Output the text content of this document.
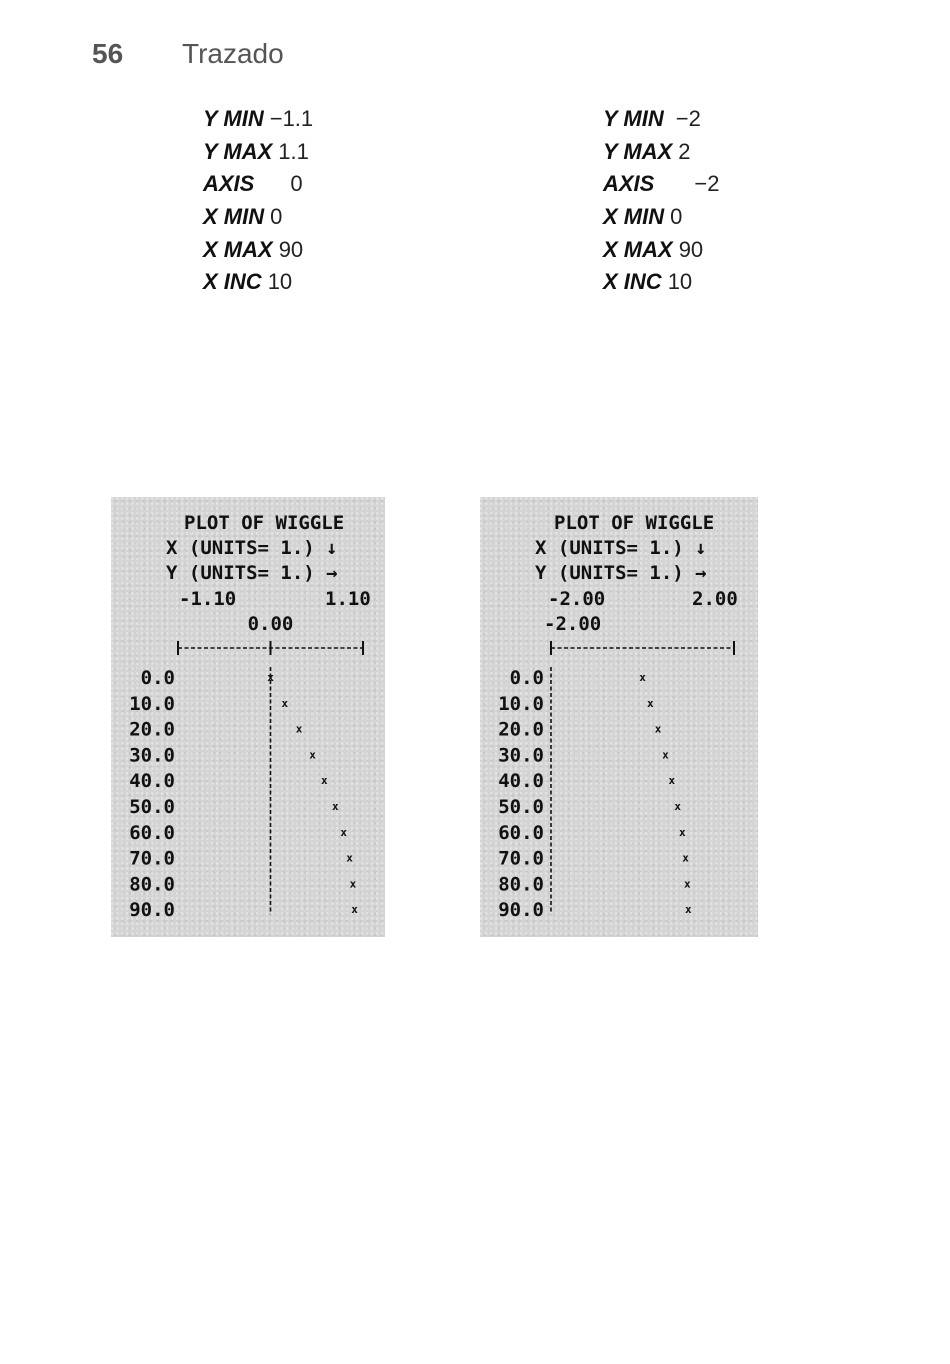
56 Trazado
Y MIN −1.1
Y MAX 1.1
AXIS 0
X MIN 0
X MAX 90
X INC 10
Y MIN −2
Y MAX 2
AXIS −2
X MIN 0
X MAX 90
X INC 10
PLOT OF WIGGLE
X (UNITS= 1.) ↓
Y (UNITS= 1.) →
-1.10	1.10
0.00
0.0	x
10.0	x
20.0	x
30.0	x
40.0	x
50.0	x
60.0	x
70.0	x
80.0	x
90.0	x
PLOT OF WIGGLE
X (UNITS= 1.) ↓
Y (UNITS= 1.) →
-2.00	2.00
-2.00
0.0	x
10.0	x
20.0	x
30.0	x
40.0	x
50.0	x
60.0	x
70.0	x
80.0	x
90.0	x
